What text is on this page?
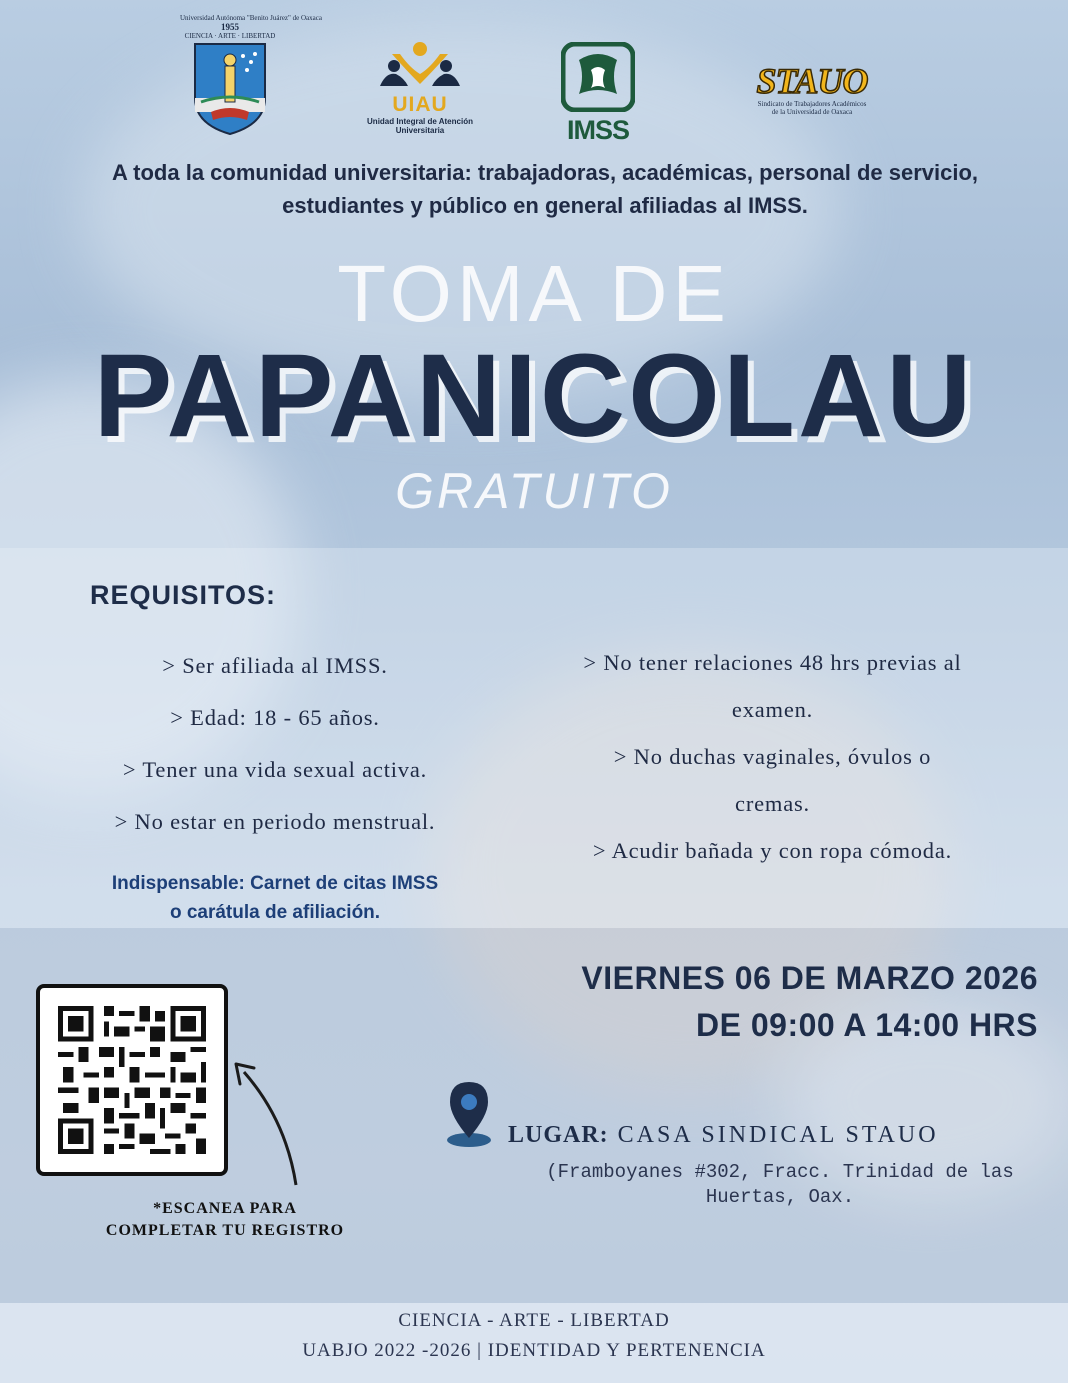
Universidad Autónoma "Benito Juárez" de Oaxaca
1955
CIENCIA · ARTE · LIBERTAD
UIAU
Unidad Integral de Atención
Universitaria	IMSS
STAUO
Sindicato de Trabajadores Académicos
de la Universidad de Oaxaca
A toda la comunidad universitaria: trabajadoras, académicas, personal de servicio,
estudiantes y público en general afiliadas al IMSS.
TOMA DE
PAPANICOLAU
GRATUITO
REQUISITOS:
> Ser afiliada al IMSS.
> Edad: 18 - 65 años.
> Tener una vida sexual activa.
> No estar en periodo menstrual.
> No tener relaciones 48 hrs previas al
examen.
> No duchas vaginales, óvulos o
cremas.
> Acudir bañada y con ropa cómoda.
Indispensable: Carnet de citas IMSS
o carátula de afiliación.
VIERNES 06 DE MARZO 2026
DE 09:00 A 14:00 HRS
*ESCANEA PARA
COMPLETAR TU REGISTRO
LUGAR: CASA SINDICAL STAUO
(Framboyanes #302, Fracc. Trinidad de las
Huertas, Oax.
CIENCIA - ARTE - LIBERTAD
UABJO 2022 -2026 | IDENTIDAD Y PERTENENCIA
